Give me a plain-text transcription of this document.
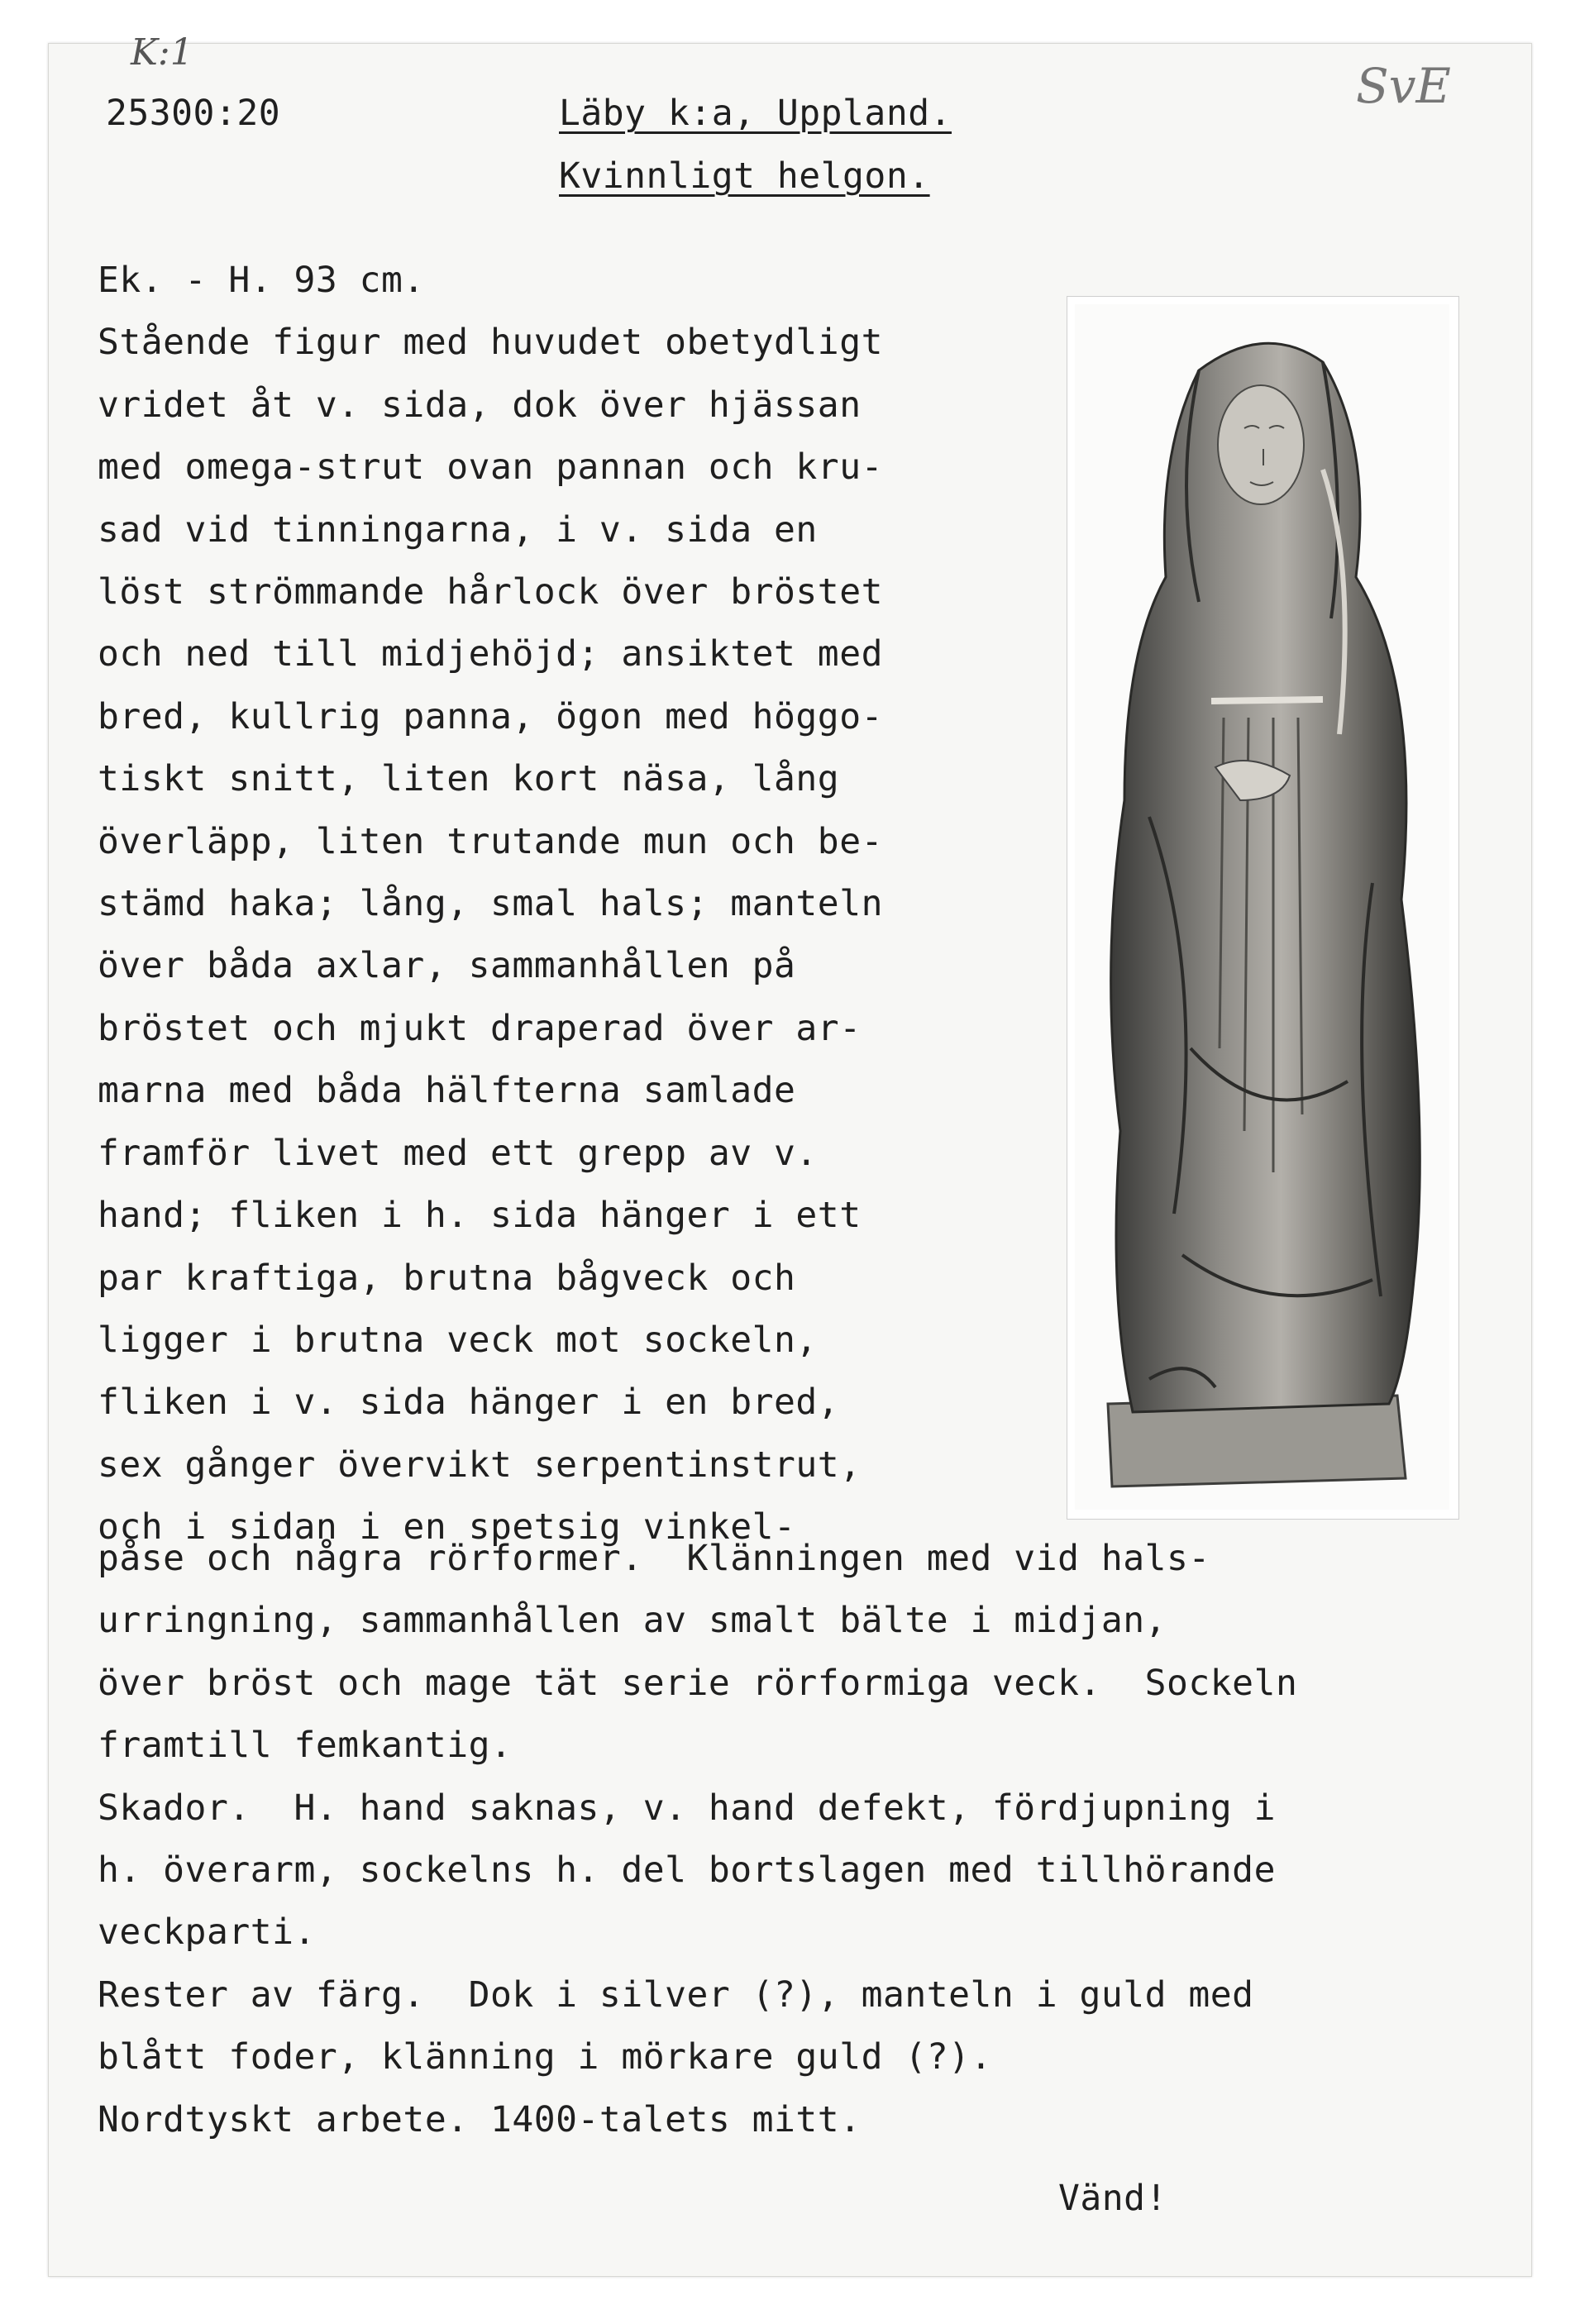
K:1
25300:20	SvE
Läby k:a, Uppland.
Kvinnligt helgon.
Ek. - H. 93 cm.
Stående figur med huvudet obetydligt
vridet åt v. sida, dok över hjässan
med omega-strut ovan pannan och kru-
sad vid tinningarna, i v. sida en
löst strömmande hårlock över bröstet
och ned till midjehöjd; ansiktet med
bred, kullrig panna, ögon med höggo-
tiskt snitt, liten kort näsa, lång
överläpp, liten trutande mun och be-
stämd haka; lång, smal hals; manteln
över båda axlar, sammanhållen på
bröstet och mjukt draperad över ar-
marna med båda hälfterna samlade
framför livet med ett grepp av v.
hand; fliken i h. sida hänger i ett
par kraftiga, brutna bågveck och
ligger i brutna veck mot sockeln,
fliken i v. sida hänger i en bred,
sex gånger övervikt serpentinstrut,
och i sidan i en spetsig vinkel-
påse och några rörformer.  Klänningen med vid hals-
urringning, sammanhållen av smalt bälte i midjan,
över bröst och mage tät serie rörformiga veck.  Sockeln
framtill femkantig.
Skador.  H. hand saknas, v. hand defekt, fördjupning i
h. överarm, sockelns h. del bortslagen med tillhörande
veckparti.
Rester av färg.  Dok i silver (?), manteln i guld med
blått foder, klänning i mörkare guld (?).
Nordtyskt arbete. 1400-talets mitt.
Vänd!
